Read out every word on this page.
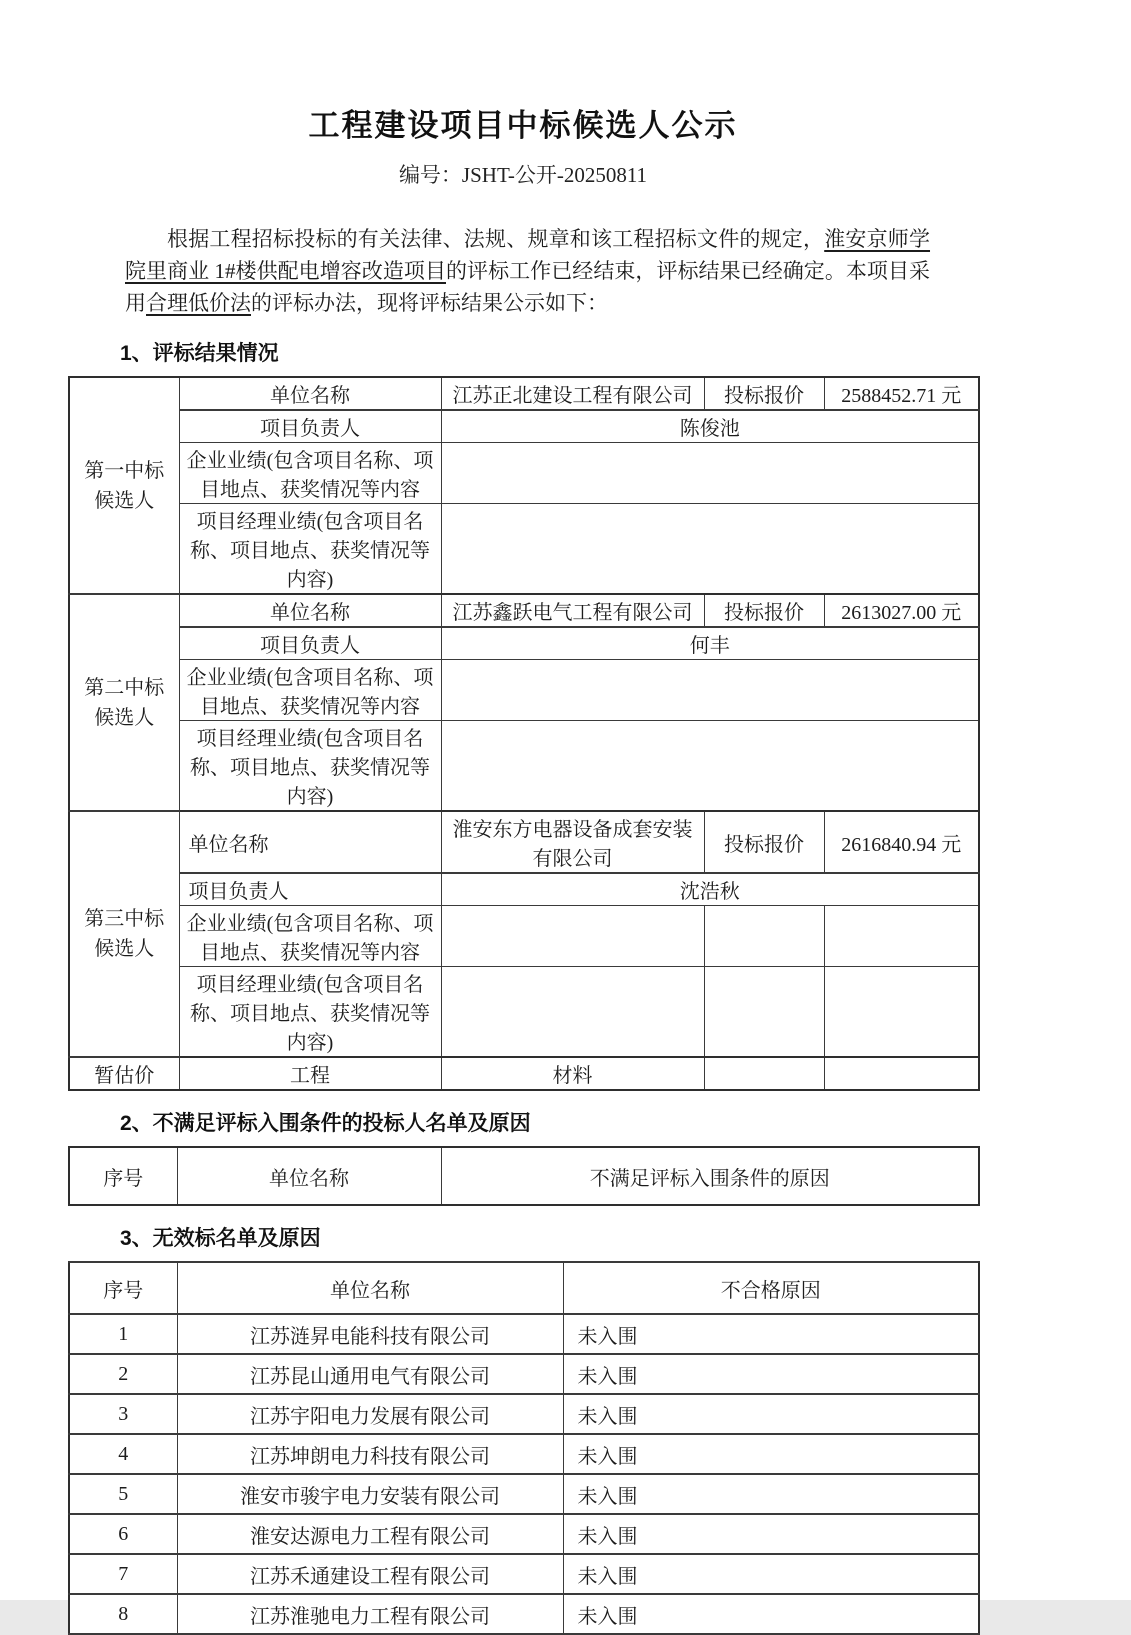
工程建设项目中标候选人公示
编号：JSHT-公开-20250811

根据工程招标投标的有关法律、法规、规章和该工程招标文件的规定，淮安京师学院里商业 1#楼供配电增容改造项目的评标工作已经结束，评标结果已经确定。本项目采用合理低价法的评标办法，现将评标结果公示如下：

1、评标结果情况
第一中标
候选人	单位名称	江苏正北建设工程有限公司	投标报价	2588452.71 元
	项目负责人	陈俊池		
	企业业绩(包含项目名称、项目地点、获奖情况等内容			
	项目经理业绩(包含项目名称、项目地点、获奖情况等内容)			

第二中标
候选人	单位名称	江苏鑫跃电气工程有限公司	投标报价	2613027.00 元
	项目负责人	何丰		
	企业业绩(包含项目名称、项目地点、获奖情况等内容			
	项目经理业绩(包含项目名称、项目地点、获奖情况等内容)			

第三中标
候选人	单位名称	淮安东方电器设备成套安装有限公司	投标报价	2616840.94 元
	项目负责人	沈浩秋		
	企业业绩(包含项目名称、项目地点、获奖情况等内容			
	项目经理业绩(包含项目名称、项目地点、获奖情况等内容)			
暂估价	工程	材料		
2、不满足评标入围条件的投标人名单及原因
序号	单位名称	不满足评标入围条件的原因
3、无效标名单及原因
序号	单位名称	不合格原因
1	江苏涟昇电能科技有限公司	未入围
2	江苏昆山通用电气有限公司	未入围
3	江苏宇阳电力发展有限公司	未入围
4	江苏坤朗电力科技有限公司	未入围
5	淮安市骏宇电力安装有限公司	未入围
6	淮安达源电力工程有限公司	未入围
7	江苏禾通建设工程有限公司	未入围
8	江苏淮驰电力工程有限公司	未入围
